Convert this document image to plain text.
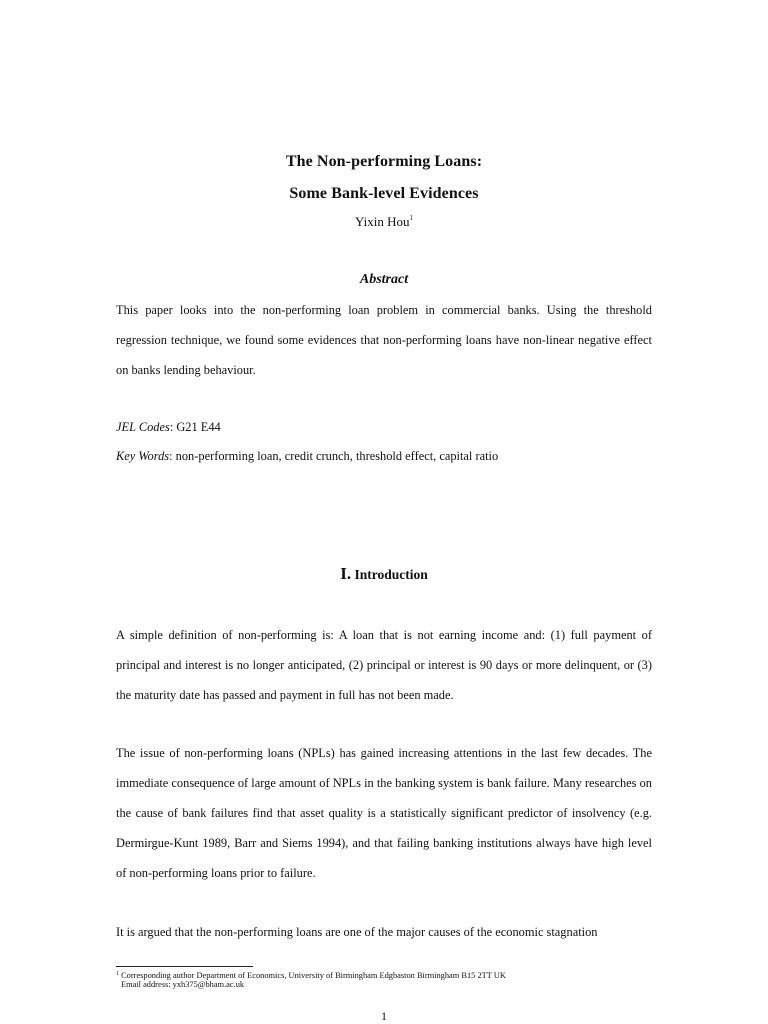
The Non-performing Loans:
Some Bank-level Evidences
Yixin Hou$^1$
Abstract

This paper looks into the non-performing loan problem in commercial banks. Using the threshold regression technique, we found some evidences that non-performing loans have non-linear negative effect on banks lending behaviour.

JEL Codes: G21 E44
Key Words: non-performing loan, credit crunch, threshold effect, capital ratio
I. Introduction

A simple definition of non-performing is: A loan that is not earning income and: (1) full payment of principal and interest is no longer anticipated, (2) principal or interest is 90 days or more delinquent, or (3) the maturity date has passed and payment in full has not been made.

The issue of non-performing loans (NPLs) has gained increasing attentions in the last few decades. The immediate consequence of large amount of NPLs in the banking system is bank failure. Many researches on the cause of bank failures find that asset quality is a statistically significant predictor of insolvency (e.g. Dermirgue-Kunt 1989, Barr and Siems 1994), and that failing banking institutions always have high level of non-performing loans prior to failure.

It is argued that the non-performing loans are one of the major causes of the economic stagnation

$^1$ Corresponding author Department of Economics, University of Birmingham Edgbaston Birmingham B15 2TT UK
Email address: yxh375@bham.ac.uk
1
